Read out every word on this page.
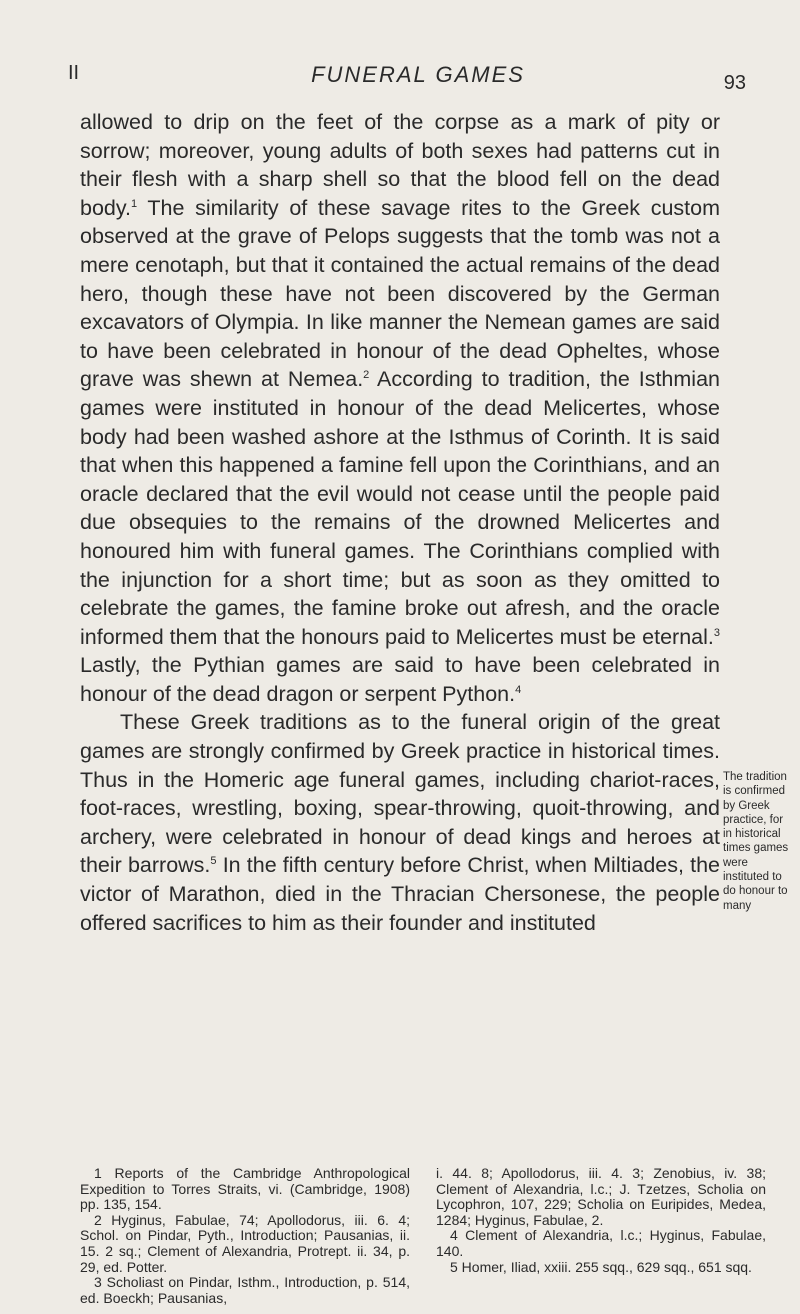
II	FUNERAL GAMES	93

allowed to drip on the feet of the corpse as a mark of pity or sorrow; moreover, young adults of both sexes had patterns cut in their flesh with a sharp shell so that the blood fell on the dead body.$^1$ The similarity of these savage rites to the Greek custom observed at the grave of Pelops suggests that the tomb was not a mere cenotaph, but that it contained the actual remains of the dead hero, though these have not been discovered by the German excavators of Olympia. In like manner the Nemean games are said to have been celebrated in honour of the dead Opheltes, whose grave was shewn at Nemea.$^2$ According to tradition, the Isthmian games were instituted in honour of the dead Melicertes, whose body had been washed ashore at the Isthmus of Corinth. It is said that when this happened a famine fell upon the Corinthians, and an oracle declared that the evil would not cease until the people paid due obsequies to the remains of the drowned Melicertes and honoured him with funeral games. The Corinthians complied with the injunction for a short time; but as soon as they omitted to celebrate the games, the famine broke out afresh, and the oracle informed them that the honours paid to Melicertes must be eternal.$^3$ Lastly, the Pythian games are said to have been celebrated in honour of the dead dragon or serpent Python.$^4$

These Greek traditions as to the funeral origin of the great games are strongly confirmed by Greek practice in historical times. Thus in the Homeric age funeral games, including chariot-races, foot-races, wrestling, boxing, spear-throwing, quoit-throwing, and archery, were celebrated in honour of dead kings and heroes at their barrows.$^5$ In the fifth century before Christ, when Miltiades, the victor of Marathon, died in the Thracian Chersonese, the people offered sacrifices to him as their founder and instituted

The tradition is confirmed by Greek practice, for in historical times games were instituted to do honour to many

1 Reports of the Cambridge Anthropological Expedition to Torres Straits, vi. (Cambridge, 1908) pp. 135, 154.

2 Hyginus, Fabulae, 74; Apollodorus, iii. 6. 4; Schol. on Pindar, Pyth., Introduction; Pausanias, ii. 15. 2 sq.; Clement of Alexandria, Protrept. ii. 34, p. 29, ed. Potter.

3 Scholiast on Pindar, Isthm., Introduction, p. 514, ed. Boeckh; Pausanias,

i. 44. 8; Apollodorus, iii. 4. 3; Zenobius, iv. 38; Clement of Alexandria, l.c.; J. Tzetzes, Scholia on Lycophron, 107, 229; Scholia on Euripides, Medea, 1284; Hyginus, Fabulae, 2.

4 Clement of Alexandria, l.c.; Hyginus, Fabulae, 140.

5 Homer, Iliad, xxiii. 255 sqq., 629 sqq., 651 sqq.
